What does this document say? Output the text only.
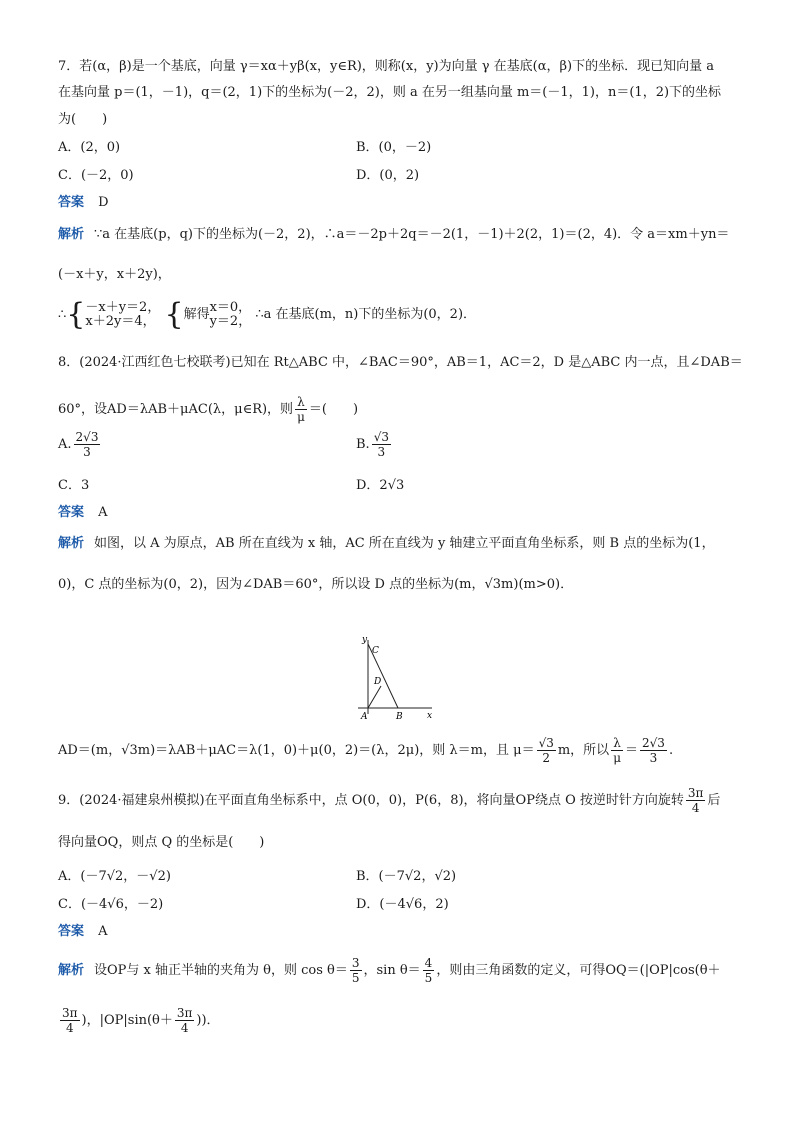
7．若(α，β)是一个基底，向量 γ＝xα＋yβ(x，y∈R)，则称(x，y)为向量 γ 在基底(α，β)下的坐标．现已知向量 a
在基向量 p＝(1，－1)，q＝(2，1)下的坐标为(－2，2)，则 a 在另一组基向量 m＝(－1，1)，n＝(1，2)下的坐标
为(　　)
A．(2，0)	B．(0，－2)
C．(－2，0)	D．(0，2)
答案 D
解析 ∵a 在基底(p，q)下的坐标为(－2，2)，∴a＝－2p＋2q＝－2(1，－1)＋2(2，1)＝(2，4)．令 a＝xm＋yn＝
(－x＋y，x＋2y)，
∴{ －x＋y＝2，
x＋2y＝4， {解得 x＝0，
y＝2， ∴a 在基底(m，n)下的坐标为(0，2)．
8．(2024·江西红色七校联考)已知在 Rt△ABC 中，∠BAC＝90°，AB＝1，AC＝2，D 是△ABC 内一点，且∠DAB＝
60°，设AD＝λAB＋μAC(λ，μ∈R)，则 $\frac{\lambda}{\mu}$ ＝(　　)
A. $\frac{2√3}{3}$	B. $\frac{√3}{3}$
C．3	D．2√3
答案 A
解析 如图，以 A 为原点，AB 所在直线为 x 轴，AC 所在直线为 y 轴建立平面直角坐标系，则 B 点的坐标为(1，
0)，C 点的坐标为(0，2)，因为∠DAB＝60°，所以设 D 点的坐标为(m，√3m)(m>0)．
y
x
A	B
C
D
AD＝(m，√3m)＝λAB＋μAC＝λ(1，0)＋μ(0，2)＝(λ，2μ)，则 λ＝m，且 $\mu= \frac{√3}{2}$ m，所以 $\frac{\lambda}{\mu} = \frac{2√3}{3}$ .
9．(2024·福建泉州模拟)在平面直角坐标系中，点 O(0，0)，P(6，8)，将向量OP绕点 O 按逆时针方向旋转 $\frac{3\pi}{4}$ 后
得向量OQ，则点 Q 的坐标是(　　)
A．(－7√2，－√2)	B．(－7√2，√2)
C．(－4√6，－2)	D．(－4√6，2)
答案 A
解析 设OP与 x 轴正半轴的夹角为 θ，则 $\cos \theta= \frac{3}{5}$ ，$\sin \theta= \frac{4}{5}$ ，则由三角函数的定义，可得OQ＝(|OP|cos(θ＋
$\frac{3\pi}{4}$ )，$|OP|\sin(\theta+ \frac{3\pi}{4}$ ))．
